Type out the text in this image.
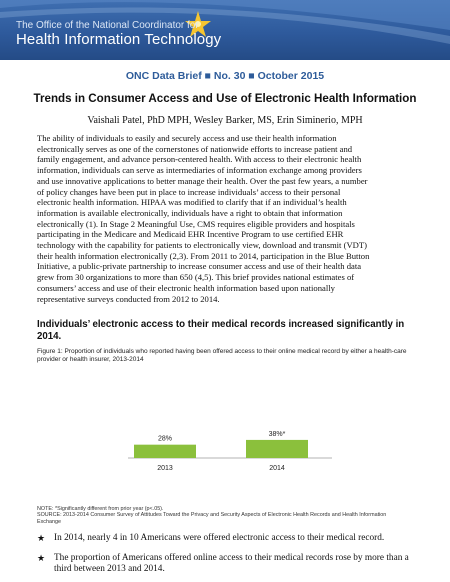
The Office of the National Coordinator for
Health Information Technology
ONC Data Brief ■ No. 30 ■ October 2015
Trends in Consumer Access and Use of Electronic Health Information
Vaishali Patel, PhD MPH, Wesley Barker, MS, Erin Siminerio, MPH
The ability of individuals to easily and securely access and use their health information
electronically serves as one of the cornerstones of nationwide efforts to increase patient and
family engagement, and advance person-centered health. With access to their electronic health
information, individuals can serve as intermediaries of information exchange among providers
and use innovative applications to better manage their health. Over the past few years, a number
of policy changes have been put in place to increase individuals’ access to their personal
electronic health information. HIPAA was modified to clarify that if an individual’s health
information is available electronically, individuals have a right to obtain that information
electronically (1). In Stage 2 Meaningful Use, CMS requires eligible providers and hospitals
participating in the Medicare and Medicaid EHR Incentive Program to use certified EHR
technology with the capability for patients to electronically view, download and transmit (VDT)
their health information electronically (2,3). From 2011 to 2014, participation in the Blue Button
Initiative, a public-private partnership to increase consumer access and use of their health data
grew from 30 organizations to more than 650 (4,5). This brief provides national estimates of
consumers’ access and use of their electronic health information based upon nationally
representative surveys conducted from 2012 to 2014.
Individuals’ electronic access to their medical records increased significantly in 2014.
Figure 1: Proportion of individuals who reported having been offered access to their online medical record by either a health-care provider or health insurer, 2013-2014
28%
2013
38%*
2014
NOTE: *Significantly different from prior year (p<.05).
SOURCE: 2013-2014 Consumer Survey of Attitudes Toward the Privacy and Security Aspects of Electronic Health Records and Health Information
Exchange
★ In 2014, nearly 4 in 10 Americans were offered electronic access to their medical record.
★ The proportion of Americans offered online access to their medical records rose by more than a third between 2013 and 2014.
